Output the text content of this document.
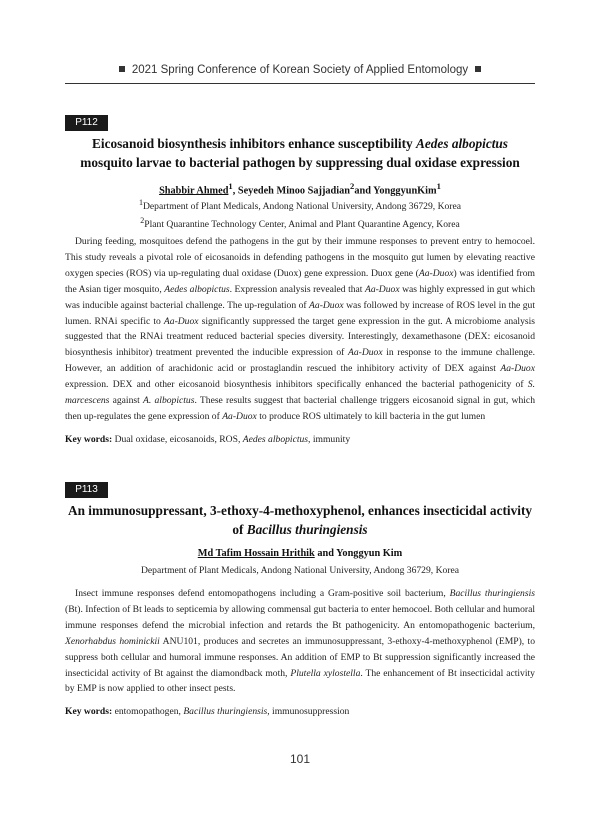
2021 Spring Conference of Korean Society of Applied Entomology
P112
Eicosanoid biosynthesis inhibitors enhance susceptibility Aedes albopictus mosquito larvae to bacterial pathogen by suppressing dual oxidase expression
Shabbir Ahmed$^1$, Seyedeh Minoo Sajjadian$^2$and YonggyunKim$^1$
$^1$Department of Plant Medicals, Andong National University, Andong 36729, Korea
$^2$Plant Quarantine Technology Center, Animal and Plant Quarantine Agency, Korea

During feeding, mosquitoes defend the pathogens in the gut by their immune responses to prevent entry to hemocoel. This study reveals a pivotal role of eicosanoids in defending pathogens in the mosquito gut lumen by elevating reactive oxygen species (ROS) via up-regulating dual oxidase (Duox) gene expression. Duox gene (Aa-Duox) was identified from the Asian tiger mosquito, Aedes albopictus. Expression analysis revealed that Aa-Duox was highly expressed in gut which was inducible against bacterial challenge. The up-regulation of Aa-Duox was followed by increase of ROS level in the gut lumen. RNAi specific to Aa-Duox significantly suppressed the target gene expression in the gut. A microbiome analysis suggested that the RNAi treatment reduced bacterial species diversity. Interestingly, dexamethasone (DEX: eicosanoid biosynthesis inhibitor) treatment prevented the inducible expression of Aa-Duox in response to the immune challenge. However, an addition of arachidonic acid or prostaglandin rescued the inhibitory activity of DEX against Aa-Duox expression. DEX and other eicosanoid biosynthesis inhibitors specifically enhanced the bacterial pathogenicity of S. marcescens against A. albopictus. These results suggest that bacterial challenge triggers eicosanoid signal in gut, which then up-regulates the gene expression of Aa-Duox to produce ROS ultimately to kill bacteria in the gut lumen

Key words: Dual oxidase, eicosanoids, ROS, Aedes albopictus, immunity
P113
An immunosuppressant, 3-ethoxy-4-methoxyphenol, enhances insecticidal activity of Bacillus thuringiensis
Md Tafim Hossain Hrithik and Yonggyun Kim
Department of Plant Medicals, Andong National University, Andong 36729, Korea

Insect immune responses defend entomopathogens including a Gram-positive soil bacterium, Bacillus thuringiensis (Bt). Infection of Bt leads to septicemia by allowing commensal gut bacteria to enter hemocoel. Both cellular and humoral immune responses defend the microbial infection and retards the Bt pathogenicity. An entomopathogenic bacterium, Xenorhabdus hominickii ANU101, produces and secretes an immunosuppressant, 3-ethoxy-4-methoxyphenol (EMP), to suppress both cellular and humoral immune responses. An addition of EMP to Bt suppression significantly increased the insecticidal activity of Bt against the diamondback moth, Plutella xylostella. The enhancement of Bt insecticidal activity by EMP is now applied to other insect pests.

Key words: entomopathogen, Bacillus thuringiensis, immunosuppression
101
